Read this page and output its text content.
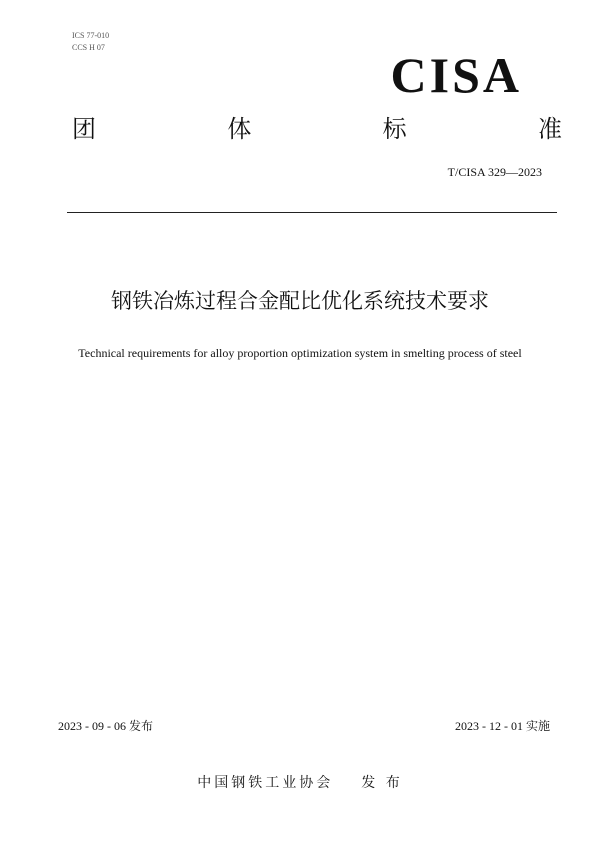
ICS 77-010
CCS H 07	CISA
团	体	标	准
T/CISA 329—2023
钢铁冶炼过程合金配比优化系统技术要求
Technical requirements for alloy proportion optimization system in smelting process of steel
2023 - 09 - 06 发布	2023 - 12 - 01 实施
中国钢铁工业协会 发 布
